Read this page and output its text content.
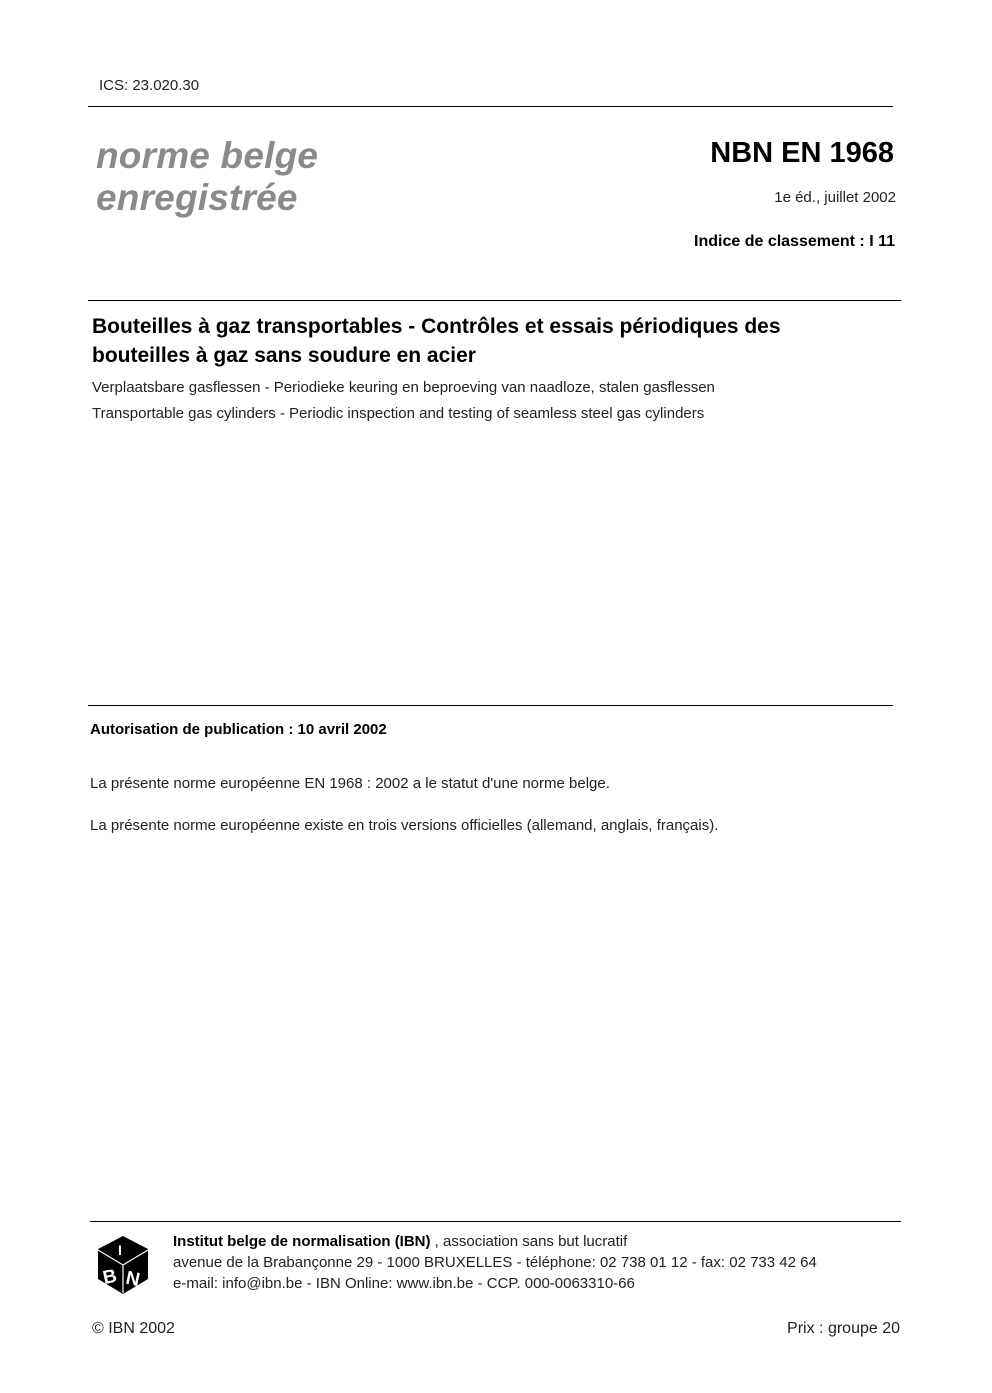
ICS: 23.020.30
norme belge
enregistrée
NBN EN 1968
1e éd., juillet 2002
Indice de classement : I 11
Bouteilles à gaz transportables - Contrôles et essais périodiques des
bouteilles à gaz sans soudure en acier
Verplaatsbare gasflessen - Periodieke keuring en beproeving van naadloze, stalen gasflessen
Transportable gas cylinders - Periodic inspection and testing of seamless steel gas cylinders
Autorisation de publication : 10 avril 2002
La présente norme européenne EN 1968 : 2002 a le statut d'une norme belge.
La présente norme européenne existe en trois versions officielles (allemand, anglais, français).
B N
I	Institut belge de normalisation (IBN) , association sans but lucratif
avenue de la Brabançonne 29 - 1000 BRUXELLES - téléphone: 02 738 01 12 - fax: 02 733 42 64
e-mail: info@ibn.be - IBN Online: www.ibn.be - CCP. 000-0063310-66
© IBN 2002	Prix : groupe 20
